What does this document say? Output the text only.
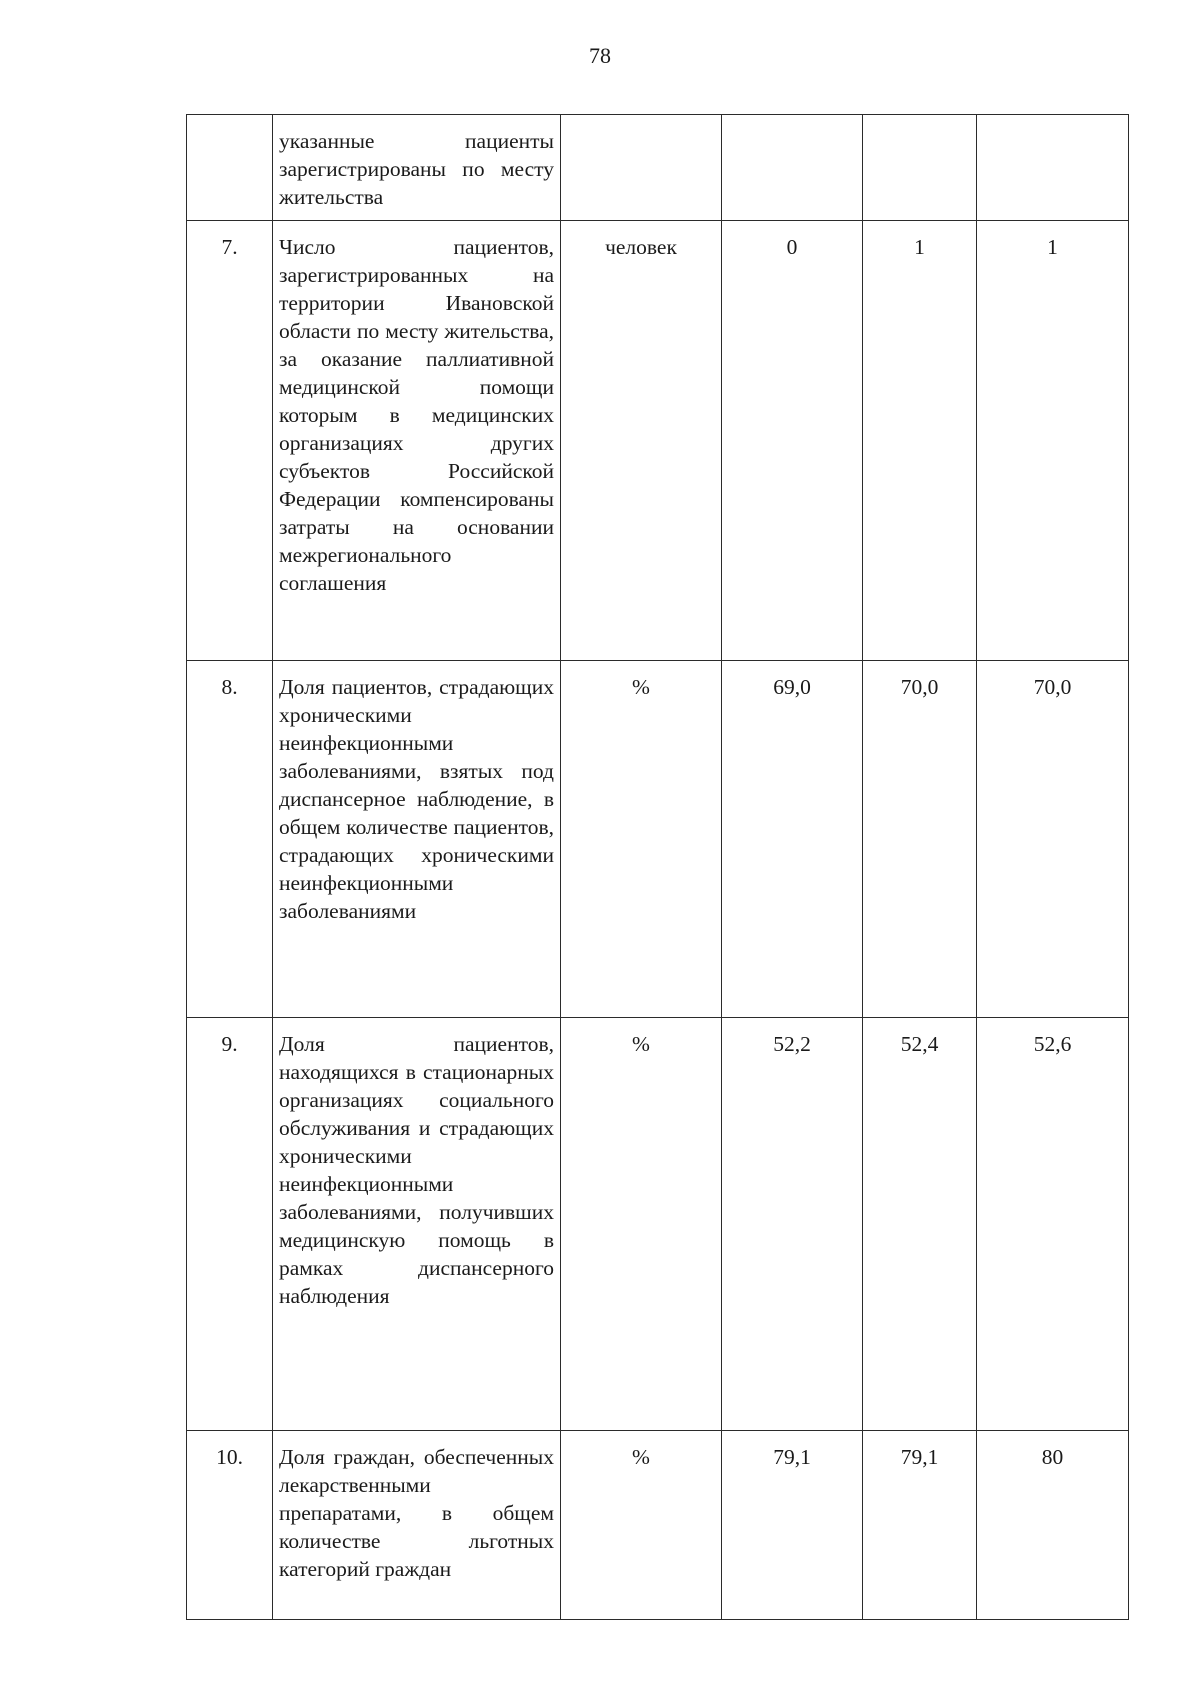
78
	указанные пациенты зарегистрированы по месту жительства				
7.	Число пациентов, зарегистрированных на территории Ивановской области по месту жительства, за оказание паллиативной медицинской помощи которым в медицинских организациях других субъектов Российской Федерации компенсированы затраты на основании межрегионального соглашения	человек	0	1	1
8.	Доля пациентов, страдающих хроническими неинфекционными заболеваниями, взятых под диспансерное наблюдение, в общем количестве пациентов, страдающих хроническими неинфекционными заболеваниями	%	69,0	70,0	70,0
9.	Доля пациентов, находящихся в стационарных организациях социального обслуживания и страдающих хроническими неинфекционными заболеваниями, получивших медицинскую помощь в рамках диспансерного наблюдения	%	52,2	52,4	52,6
10.	Доля граждан, обеспеченных лекарственными препаратами, в общем количестве льготных категорий граждан	%	79,1	79,1	80
